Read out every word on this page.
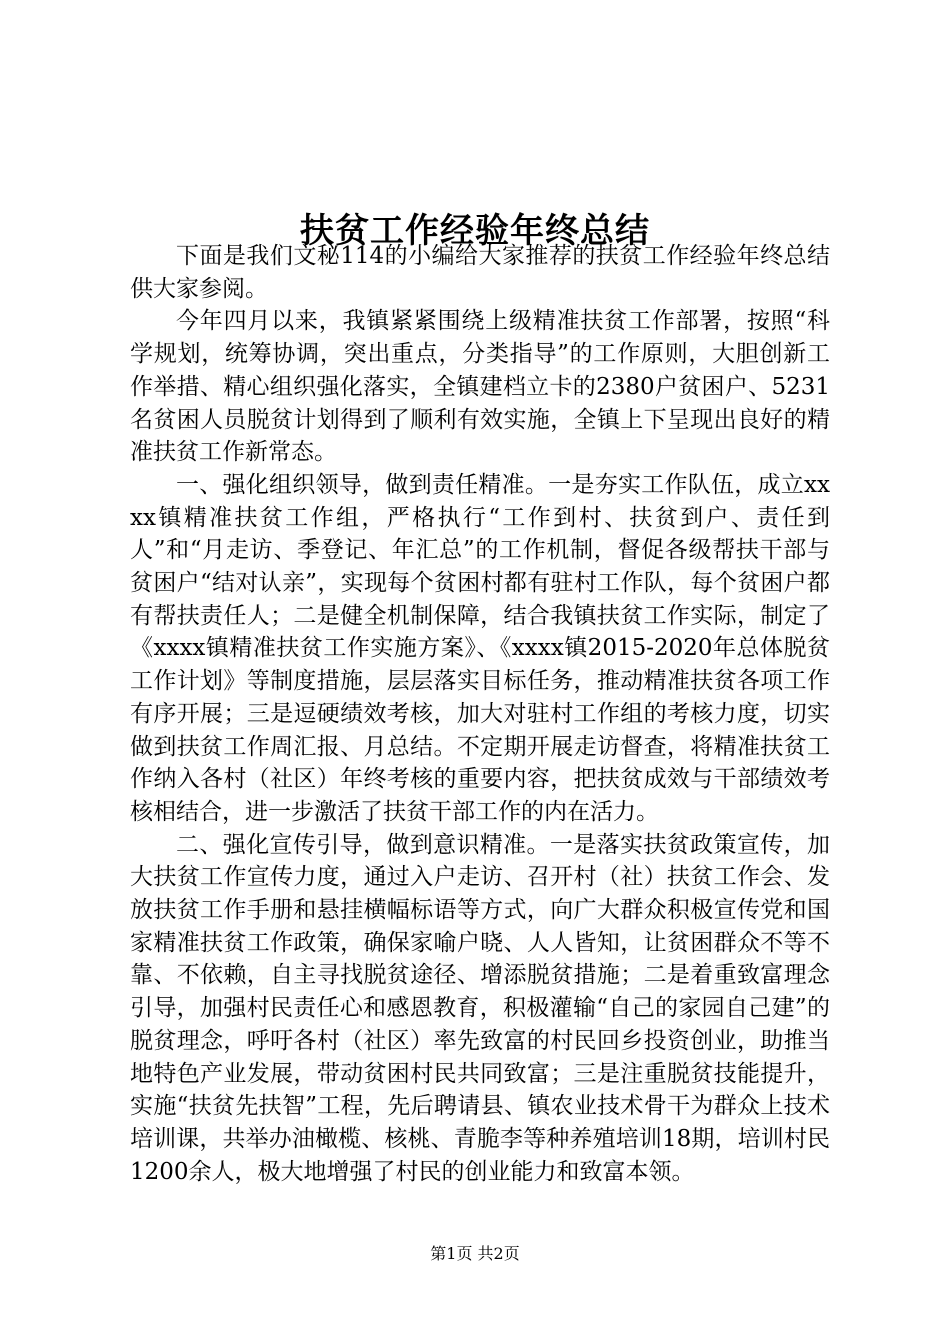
扶贫工作经验年终总结

下面是我们文秘114的小编给大家推荐的扶贫工作经验年终总结供大家参阅。

今年四月以来，我镇紧紧围绕上级精准扶贫工作部署，按照“科学规划，统筹协调，突出重点，分类指导”的工作原则，大胆创新工作举措、精心组织强化落实，全镇建档立卡的2380户贫困户、5231名贫困人员脱贫计划得到了顺利有效实施，全镇上下呈现出良好的精准扶贫工作新常态。

一、强化组织领导，做到责任精准。一是夯实工作队伍，成立xxxx镇精准扶贫工作组，严格执行“工作到村、扶贫到户、责任到人”和“月走访、季登记、年汇总”的工作机制，督促各级帮扶干部与贫困户“结对认亲”，实现每个贫困村都有驻村工作队，每个贫困户都有帮扶责任人；二是健全机制保障，结合我镇扶贫工作实际，制定了《xxxx镇精准扶贫工作实施方案》、《xxxx镇2015-2020年总体脱贫工作计划》等制度措施，层层落实目标任务，推动精准扶贫各项工作有序开展；三是逗硬绩效考核，加大对驻村工作组的考核力度，切实做到扶贫工作周汇报、月总结。不定期开展走访督查，将精准扶贫工作纳入各村（社区）年终考核的重要内容，把扶贫成效与干部绩效考核相结合，进一步激活了扶贫干部工作的内在活力。

二、强化宣传引导，做到意识精准。一是落实扶贫政策宣传，加大扶贫工作宣传力度，通过入户走访、召开村（社）扶贫工作会、发放扶贫工作手册和悬挂横幅标语等方式，向广大群众积极宣传党和国家精准扶贫工作政策，确保家喻户晓、人人皆知，让贫困群众不等不靠、不依赖，自主寻找脱贫途径、增添脱贫措施；二是着重致富理念引导，加强村民责任心和感恩教育，积极灌输“自己的家园自己建”的脱贫理念，呼吁各村（社区）率先致富的村民回乡投资创业，助推当地特色产业发展，带动贫困村民共同致富；三是注重脱贫技能提升，实施“扶贫先扶智”工程，先后聘请县、镇农业技术骨干为群众上技术培训课，共举办油橄榄、核桃、青脆李等种养殖培训18期，培训村民1200余人，极大地增强了村民的创业能力和致富本领。

第1页 共2页
